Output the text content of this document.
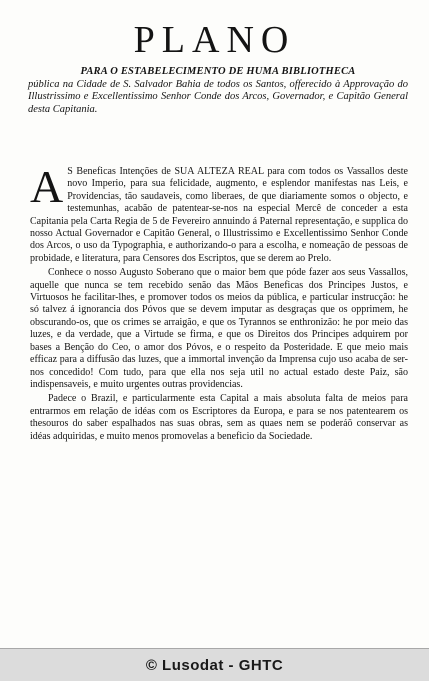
PLANO
PARA O ESTABELECIMENTO DE HUMA BIBLIOTHECA
pública na Cidade de S. Salvador Bahia de todos os Santos, offerecido à Approvação do Illustrissimo e Excellentissimo Senhor Conde dos Arcos, Governador, e Capitão General desta Capitania.

A S Beneficas Intenções de SUA ALTEZA REAL para com todos os Vassallos deste novo Imperio, para sua felicidade, augmento, e esplendor manifestas nas Leis, e Providencias, tão saudaveis, como liberaes, de que diariamente somos o objecto, e testemunhas, acabão de patentear-se-nos na especial Mercê de conceder a esta Capitania pela Carta Regia de 5 de Fevereiro annuindo á Paternal representação, e supplica do nosso Actual Governador e Capitão General, o Illustrissimo e Excellentissimo Senhor Conde dos Arcos, o uso da Typographia, e authorizando-o para a escolha, e nomeação de pessoas de probidade, e literatura, para Censores dos Escriptos, que se derem ao Prelo.

Conhece o nosso Augusto Soberano que o maior bem que póde fazer aos seus Vassallos, aquelle que nunca se tem recebido senão das Mãos Beneficas dos Principes Justos, e Virtuosos he facilitar-lhes, e promover todos os meios da pública, e particular instrucção: he só talvez á ignorancia dos Póvos que se devem imputar as desgraças que os opprimem, he obscurando-os, que os crimes se arraigão, e que os Tyrannos se enthronizão: he por meio das luzes, e da verdade, que a Virtude se firma, e que os Direitos dos Principes adquirem por bases a Benção do Ceo, o amor dos Póvos, e o respeito da Posteridade. E que meio mais efficaz para a diffusão das luzes, que a immortal invenção da Imprensa cujo uso acaba de ser-nos concedido! Com tudo, para que ella nos seja util no actual estado deste Paiz, são indispensaveis, e muito urgentes outras providencias.

Padece o Brazil, e particularmente esta Capital a mais absoluta falta de meios para entrarmos em relação de idéas com os Escriptores da Europa, e para se nos patentearem os thesouros do saber espalhados nas suas obras, sem as quaes nem se poderáõ conservar as idéas adquiridas, e muito menos promovelas a beneficio da Sociedade.

© Lusodat - GHTC
